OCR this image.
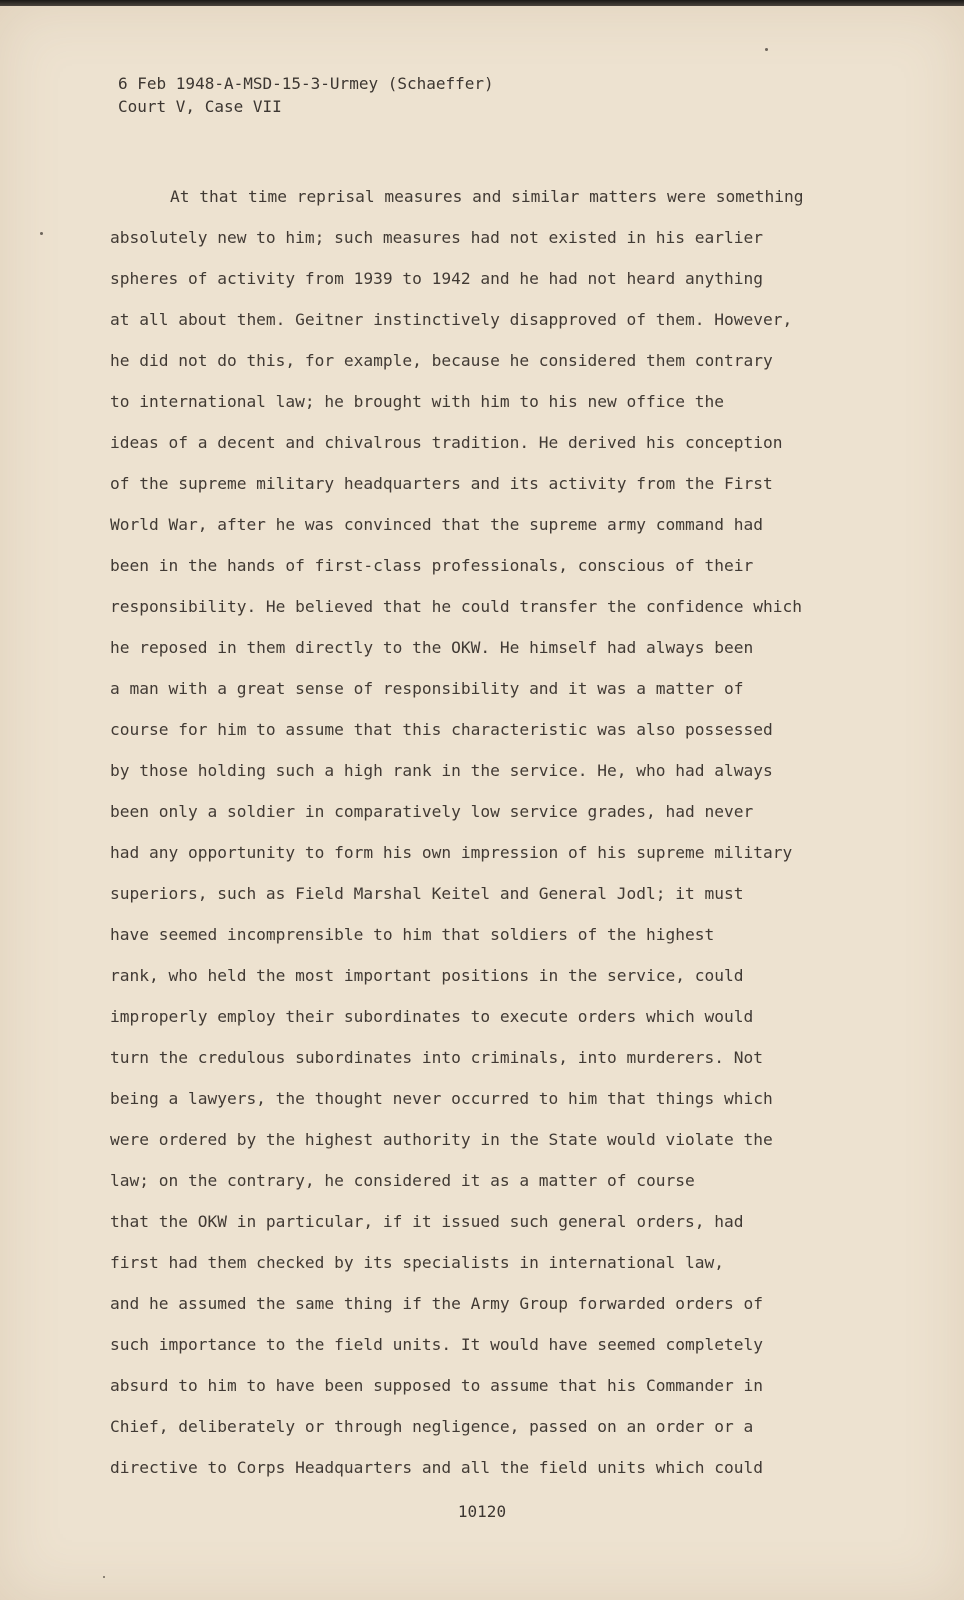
6 Feb 1948-A-MSD-15-3-Urmey (Schaeffer)
Court V, Case VII
At that time reprisal measures and similar matters were something
absolutely new to him; such measures had not existed in his earlier
spheres of activity from 1939 to 1942 and he had not heard anything
at all about them. Geitner instinctively disapproved of them. However,
he did not do this, for example, because he considered them contrary
to international law; he brought with him to his new office the
ideas of a decent and chivalrous tradition. He derived his conception
of the supreme military headquarters and its activity from the First
World War, after he was convinced that the supreme army command had
been in the hands of first-class professionals, conscious of their
responsibility. He believed that he could transfer the confidence which
he reposed in them directly to the OKW. He himself had always been
a man with a great sense of responsibility and it was a matter of
course for him to assume that this characteristic was also possessed
by those holding such a high rank in the service. He, who had always
been only a soldier in comparatively low service grades, had never
had any opportunity to form his own impression of his supreme military
superiors, such as Field Marshal Keitel and General Jodl; it must
have seemed incomprensible to him that soldiers of the highest
rank, who held the most important positions in the service, could
improperly employ their subordinates to execute orders which would
turn the credulous subordinates into criminals, into murderers. Not
being a lawyers, the thought never occurred to him that things which
were ordered by the highest authority in the State would violate the
law; on the contrary, he considered it as a matter of course
that the OKW in particular, if it issued such general orders, had
first had them checked by its specialists in international law,
and he assumed the same thing if the Army Group forwarded orders of
such importance to the field units. It would have seemed completely
absurd to him to have been supposed to assume that his Commander in
Chief, deliberately or through negligence, passed on an order or a
directive to Corps Headquarters and all the field units which could
10120
